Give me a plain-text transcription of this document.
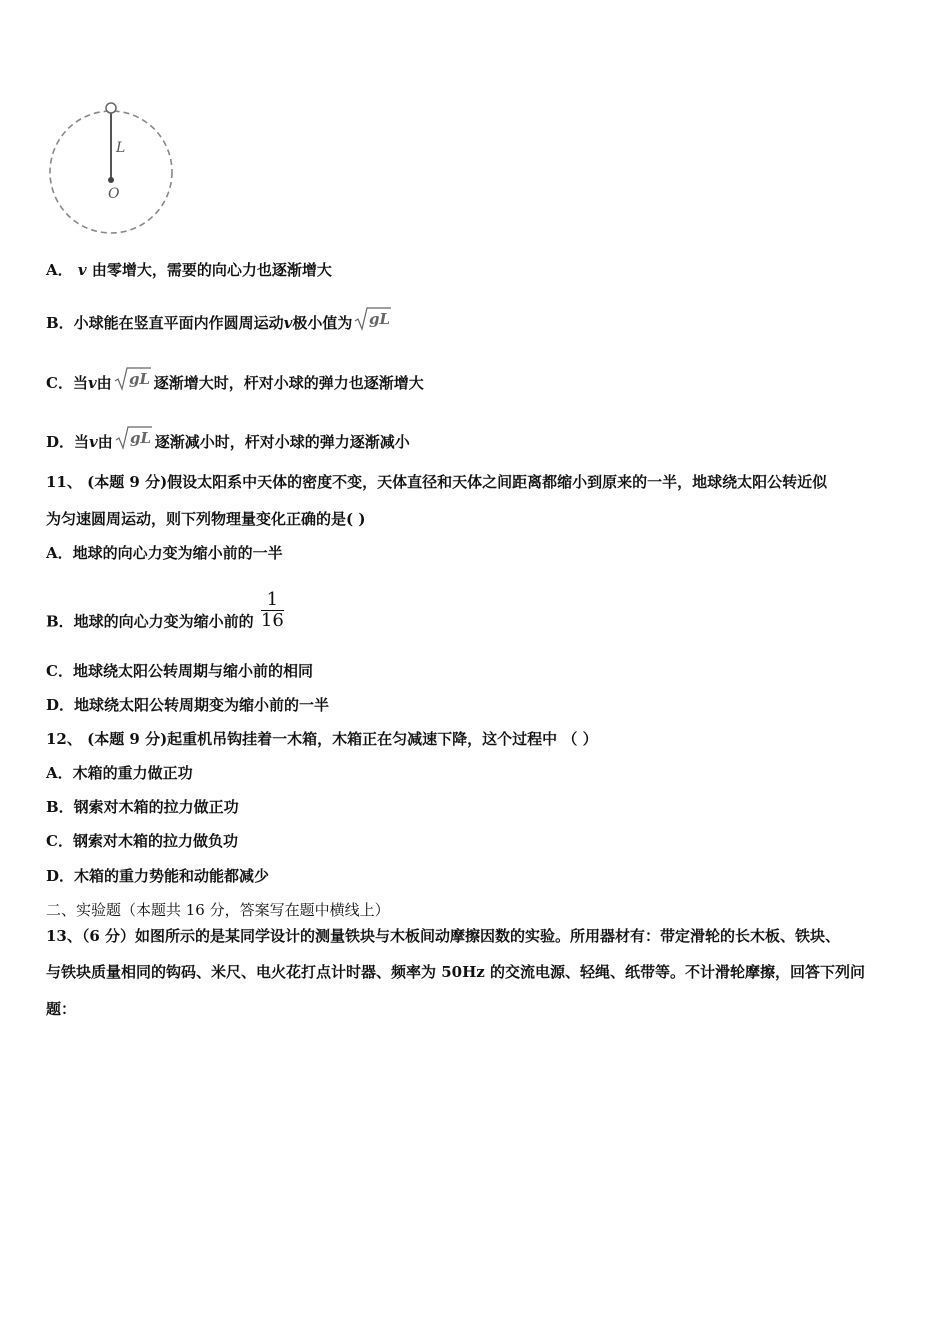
L
O
A． v 由零增大，需要的向心力也逐渐增大
B．小球能在竖直平面内作圆周运动v极小值为 gL
C．当v由 gL 逐渐增大时，杆对小球的弹力也逐渐增大
D．当v由 gL 逐渐减小时，杆对小球的弹力逐渐减小
11、 (本题 9 分)假设太阳系中天体的密度不变，天体直径和天体之间距离都缩小到原来的一半，地球绕太阳公转近似
为匀速圆周运动，则下列物理量变化正确的是( )
A．地球的向心力变为缩小前的一半
B．地球的向心力变为缩小前的 $\frac{1}{16}$
C．地球绕太阳公转周期与缩小前的相同
D．地球绕太阳公转周期变为缩小前的一半
12、 (本题 9 分)起重机吊钩挂着一木箱，木箱正在匀减速下降，这个过程中 （ ）
A．木箱的重力做正功
B．钢索对木箱的拉力做正功
C．钢索对木箱的拉力做负功
D．木箱的重力势能和动能都减少
二、实验题（本题共 16 分，答案写在题中横线上）
13、（6 分）如图所示的是某同学设计的测量铁块与木板间动摩擦因数的实验。所用器材有：带定滑轮的长木板、铁块、
与铁块质量相同的钩码、米尺、电火花打点计时器、频率为 50Hz 的交流电源、轻绳、纸带等。不计滑轮摩擦，回答下列问
题：
